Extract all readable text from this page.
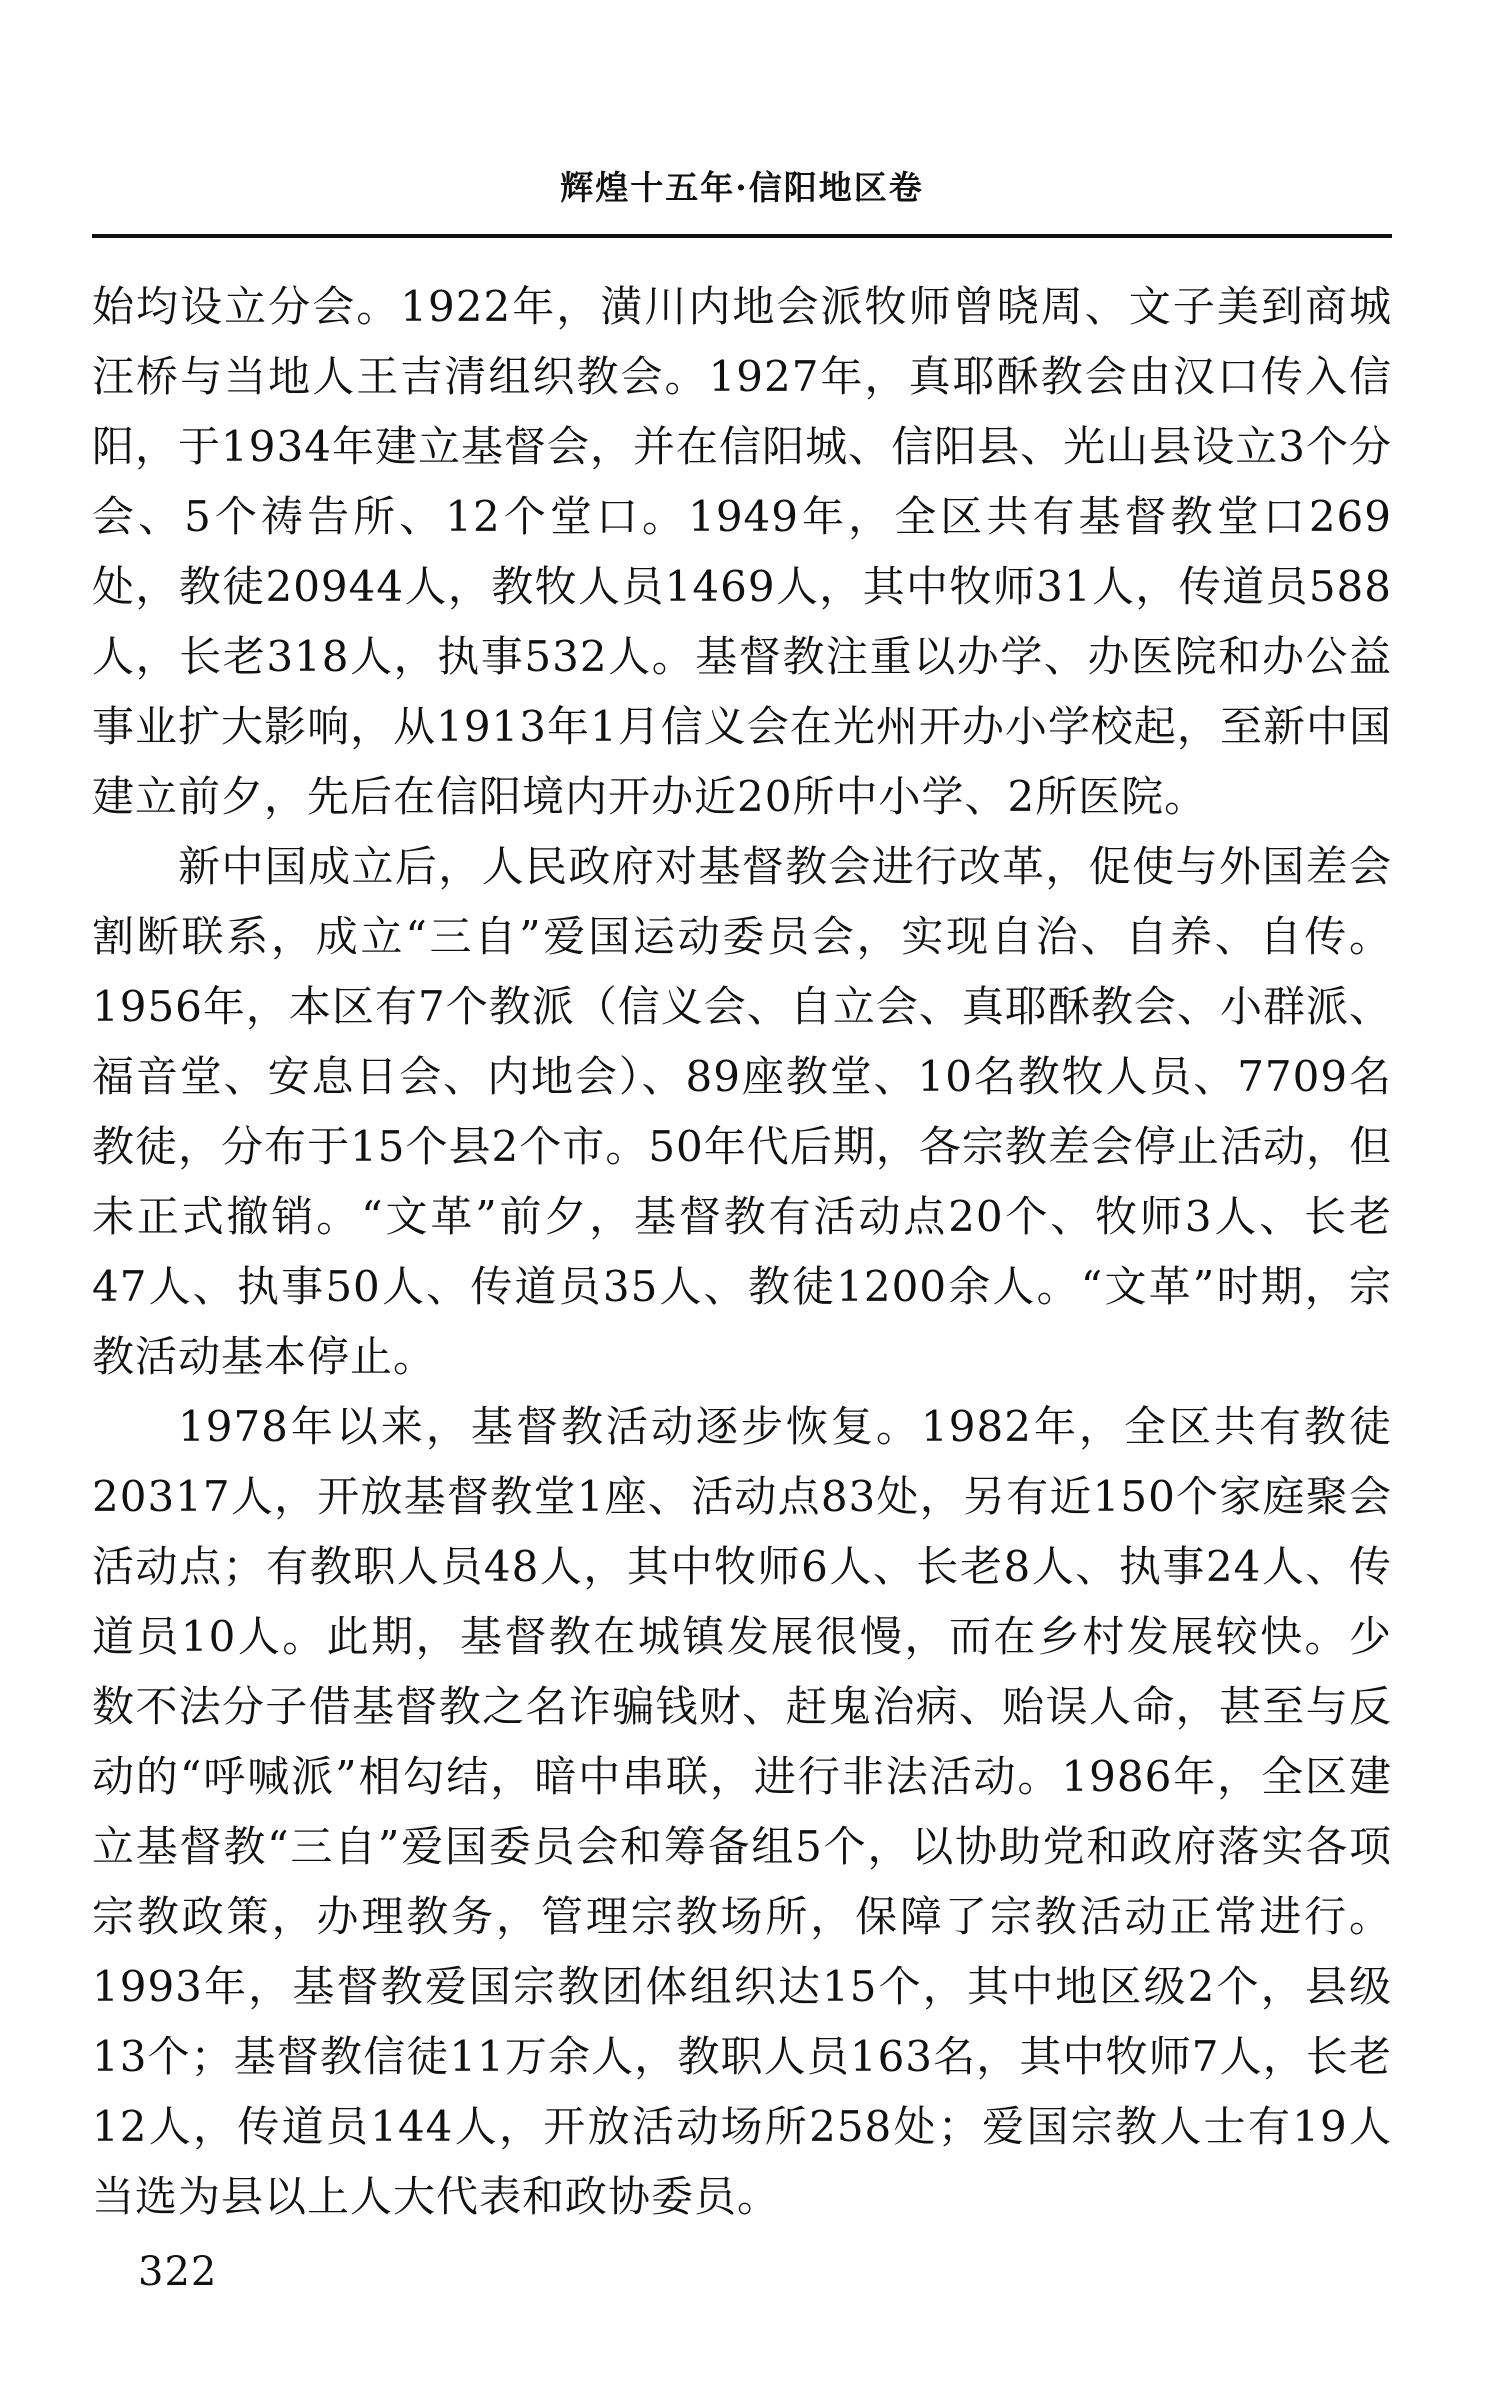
辉煌十五年·信阳地区卷

始均设立分会。1922年，潢川内地会派牧师曾晓周、文子美到商城汪桥与当地人王吉清组织教会。1927年，真耶酥教会由汉口传入信阳，于1934年建立基督会，并在信阳城、信阳县、光山县设立3个分会、5个祷告所、12个堂口。1949年，全区共有基督教堂口269处，教徒20944人，教牧人员1469人，其中牧师31人，传道员588人，长老318人，执事532人。基督教注重以办学、办医院和办公益事业扩大影响，从1913年1月信义会在光州开办小学校起，至新中国建立前夕，先后在信阳境内开办近20所中小学、2所医院。

新中国成立后，人民政府对基督教会进行改革，促使与外国差会割断联系，成立“三自”爱国运动委员会，实现自治、自养、自传。1956年，本区有7个教派（信义会、自立会、真耶酥教会、小群派、福音堂、安息日会、内地会）、89座教堂、10名教牧人员、7709名教徒，分布于15个县2个市。50年代后期，各宗教差会停止活动，但未正式撤销。“文革”前夕，基督教有活动点20个、牧师3人、长老47人、执事50人、传道员35人、教徒1200余人。“文革”时期，宗教活动基本停止。

1978年以来，基督教活动逐步恢复。1982年，全区共有教徒20317人，开放基督教堂1座、活动点83处，另有近150个家庭聚会活动点；有教职人员48人，其中牧师6人、长老8人、执事24人、传道员10人。此期，基督教在城镇发展很慢，而在乡村发展较快。少数不法分子借基督教之名诈骗钱财、赶鬼治病、贻误人命，甚至与反动的“呼喊派”相勾结，暗中串联，进行非法活动。1986年，全区建立基督教“三自”爱国委员会和筹备组5个，以协助党和政府落实各项宗教政策，办理教务，管理宗教场所，保障了宗教活动正常进行。1993年，基督教爱国宗教团体组织达15个，其中地区级2个，县级13个；基督教信徒11万余人，教职人员163名，其中牧师7人，长老12人，传道员144人，开放活动场所258处；爱国宗教人士有19人当选为县以上人大代表和政协委员。

322
